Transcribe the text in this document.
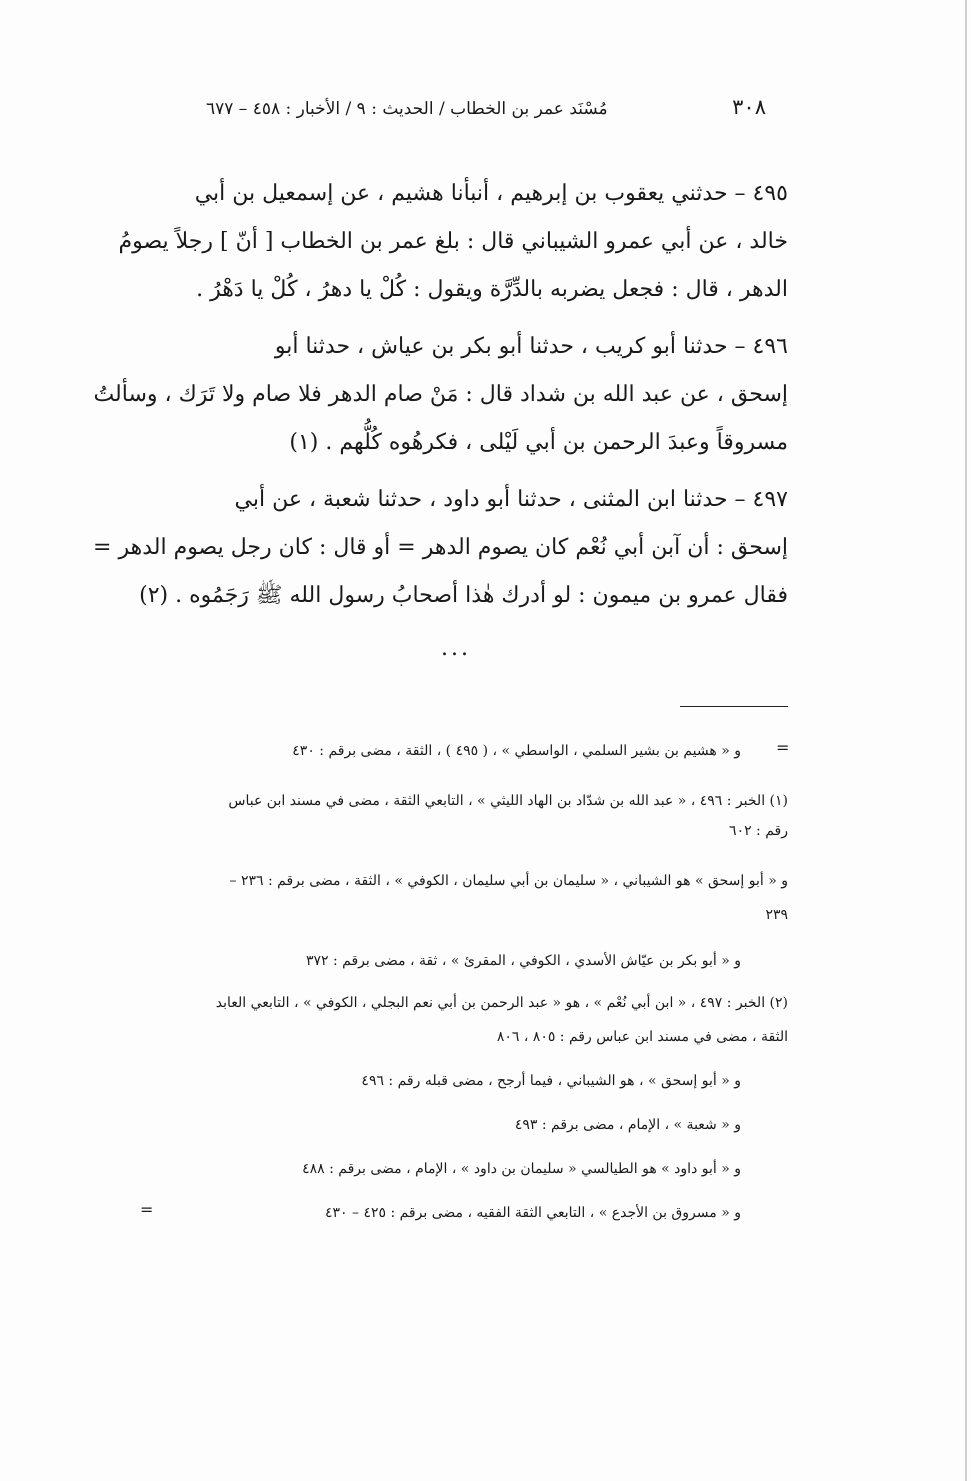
٣٠٨
مُسْنَد عمر بن الخطاب / الحديث : ٩ / الأخبار : ٤٥٨ – ٦٧٧
٤٩٥ – حدثني يعقوب بن إبرهيم ، أنبأنا هشيم ، عن إسمعيل بن أبي
خالد ، عن أبي عمرو الشيباني قال : بلغ عمر بن الخطاب [ أنّ ] رجلاً يصومُ
الدهر ، قال : فجعل يضربه بالدِّرَّة ويقول : كُلْ يا دهرُ ، كُلْ يا دَهْرُ .
٤٩٦ – حدثنا أبو كريب ، حدثنا أبو بكر بن عياش ، حدثنا أبو
إسحق ، عن عبد الله بن شداد قال : مَنْ صام الدهر فلا صام ولا تَرَك ، وسألتُ
مسروقاً وعبدَ الرحمن بن أبي لَيْلى ، فكرهُوه كُلُّهم . (١)
٤٩٧ – حدثنا ابن المثنى ، حدثنا أبو داود ، حدثنا شعبة ، عن أبي
إسحق : أن آبن أبي نُعْم كان يصوم الدهر = أو قال : كان رجل يصوم الدهر =
فقال عمرو بن ميمون : لو أدرك هٰذا أصحابُ رسول الله ﷺ رَجَمُوه . (٢)
...
=
و « هشيم بن بشير السلمي ، الواسطي » ، ( ٤٩٥ ) ، الثقة ، مضى برقم : ٤٣٠
(١) الخبر : ٤٩٦ ، « عبد الله بن شدّاد بن الهاد الليثي » ، التابعي الثقة ، مضى في مسند ابن عباس
رقم : ٦٠٢
و « أبو إسحق » هو الشيباني ، « سليمان بن أبي سليمان ، الكوفي » ، الثقة ، مضى برقم : ٢٣٦ –
٢٣٩
و « أبو بكر بن عيّاش الأسدي ، الكوفي ، المقرئ » ، ثقة ، مضى برقم : ٣٧٢
(٢) الخبر : ٤٩٧ ، « ابن أبي نُعْم » ، هو « عبد الرحمن بن أبي نعم البجلي ، الكوفي » ، التابعي العابد
الثقة ، مضى في مسند ابن عباس رقم : ٨٠٥ ، ٨٠٦
و « أبو إسحق » ، هو الشيباني ، فيما أرجح ، مضى قبله رقم : ٤٩٦
و « شعبة » ، الإمام ، مضى برقم : ٤٩٣
و « أبو داود » هو الطيالسي « سليمان بن داود » ، الإمام ، مضى برقم : ٤٨٨
و « مسروق بن الأجدع » ، التابعي الثقة الفقيه ، مضى برقم : ٤٢٥ – ٤٣٠
=
